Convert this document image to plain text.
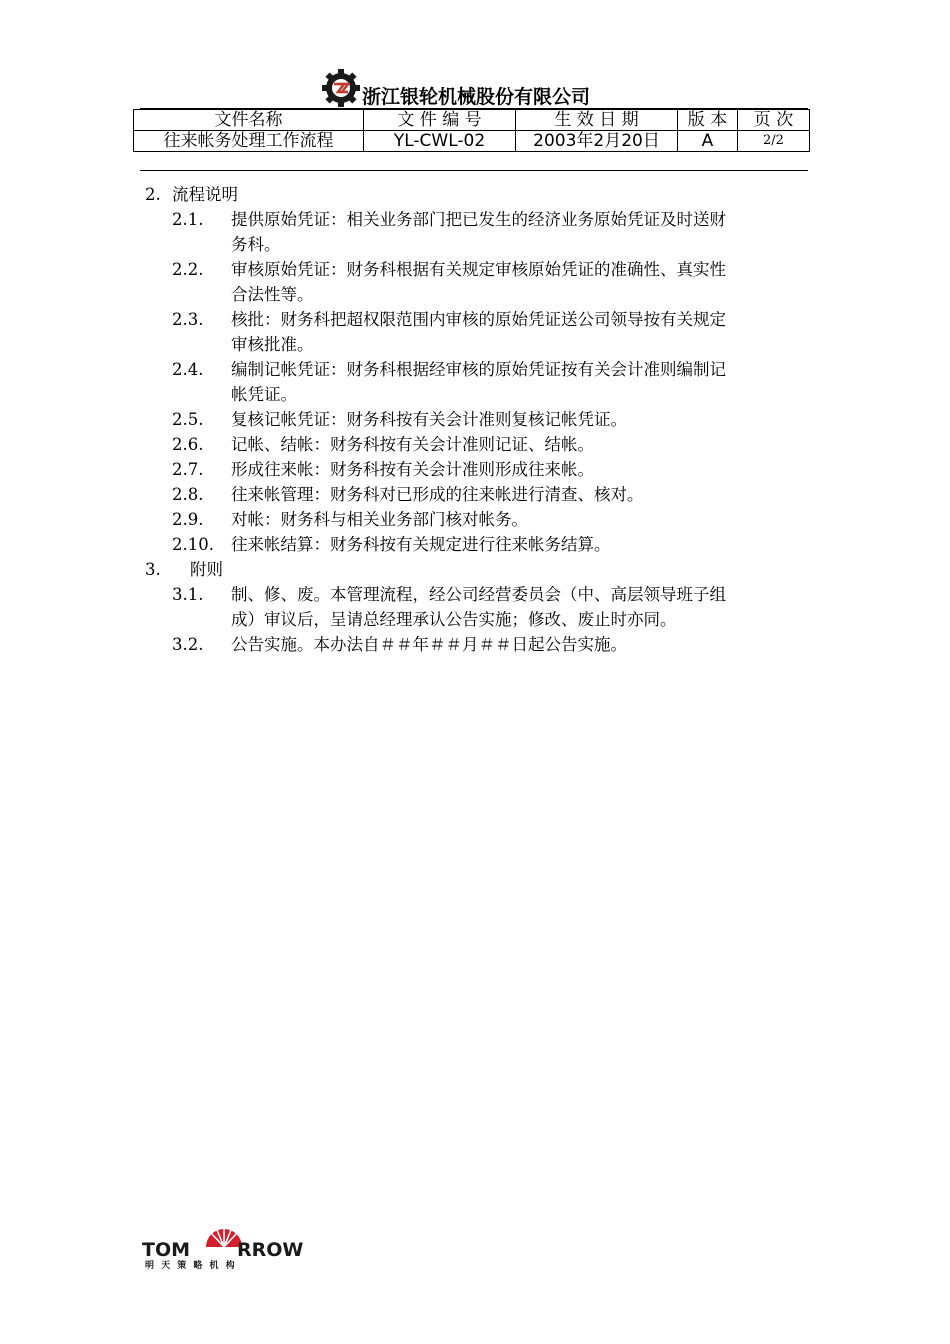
浙江银轮机械股份有限公司
文件名称	文 件 编 号	生 效 日 期	版 本	页 次
往来帐务处理工作流程	YL-CWL-02	2003年2月20日	A	2/2
2. 流程说明
2.1. 提供原始凭证：相关业务部门把已发生的经济业务原始凭证及时送财
务科。
2.2. 审核原始凭证：财务科根据有关规定审核原始凭证的准确性、真实性
合法性等。
2.3. 核批：财务科把超权限范围内审核的原始凭证送公司领导按有关规定
审核批准。
2.4. 编制记帐凭证：财务科根据经审核的原始凭证按有关会计准则编制记
帐凭证。
2.5. 复核记帐凭证：财务科按有关会计准则复核记帐凭证。
2.6. 记帐、结帐：财务科按有关会计准则记证、结帐。
2.7. 形成往来帐：财务科按有关会计准则形成往来帐。
2.8. 往来帐管理：财务科对已形成的往来帐进行清查、核对。
2.9. 对帐：财务科与相关业务部门核对帐务。
2.10. 往来帐结算：财务科按有关规定进行往来帐务结算。
3. 附则
3.1. 制、修、废。本管理流程，经公司经营委员会（中、高层领导班子组
成）审议后，呈请总经理承认公告实施；修改、废止时亦同。
3.2. 公告实施。本办法自＃＃年＃＃月＃＃日起公告实施。
TOM RROW
明 天 策 略 机 构
